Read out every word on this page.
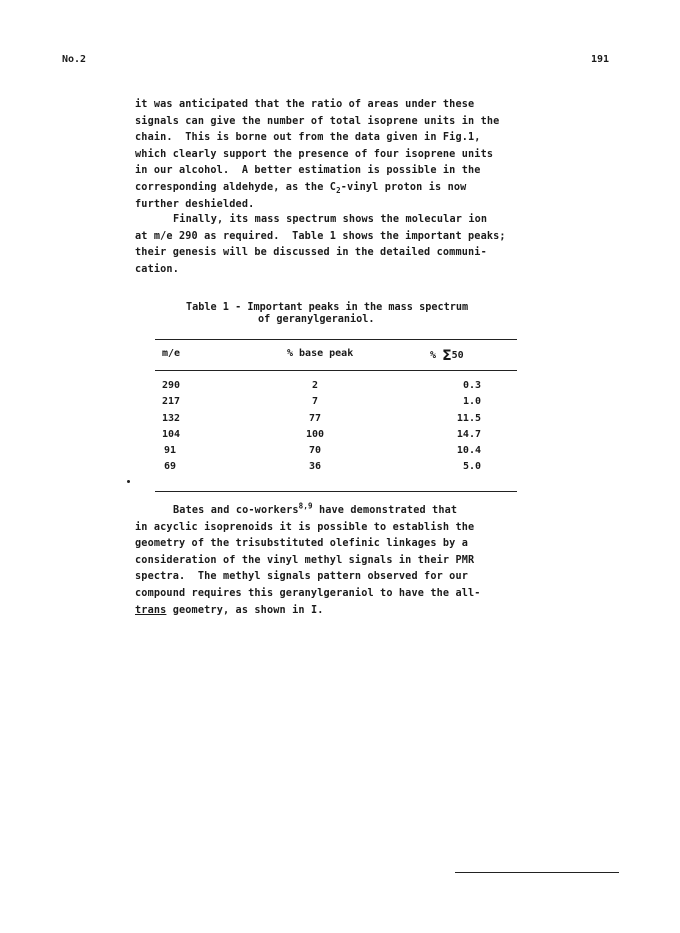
No.2	191
it was anticipated that the ratio of areas under these
signals can give the number of total isoprene units in the
chain.  This is borne out from the data given in Fig.1,
which clearly support the presence of four isoprene units
in our alcohol.  A better estimation is possible in the
corresponding aldehyde, as the $C_2$-vinyl proton is now
further deshielded.
Finally, its mass spectrum shows the molecular ion
at m/e 290 as required.  Table 1 shows the important peaks;
their genesis will be discussed in the detailed communi-
cation.
Table 1 - Important peaks in the mass spectrum
of geranylgeraniol.
m/e	% base peak	% Σ50
290	2	0.3
217	7	1.0
132	77	11.5
104	100	14.7
91	70	10.4
69	36	5.0
Bates and co-workers$^{8,9}$ have demonstrated that
in acyclic isoprenoids it is possible to establish the
geometry of the trisubstituted olefinic linkages by a
consideration of the vinyl methyl signals in their PMR
spectra.  The methyl signals pattern observed for our
compound requires this geranylgeraniol to have the all-
trans geometry, as shown in I.
